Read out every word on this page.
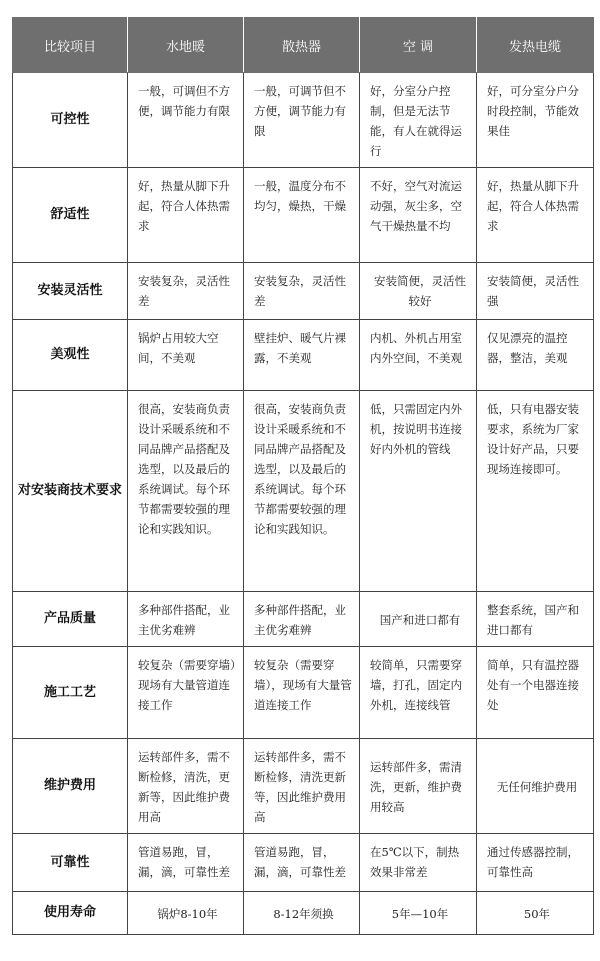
比较项目	水地暖	散热器	空 调	发热电缆
可控性	一般，可调但不方便，调节能力有限	一般，可调节但不方便，调节能力有限	好，分室分户控制，但是无法节能，有人在就得运行	好，可分室分户分时段控制，节能效果佳
舒适性	好，热量从脚下升起，符合人体热需求	一般，温度分布不均匀，燥热，干燥	不好，空气对流运动强，灰尘多，空气干燥热量不均	好，热量从脚下升起，符合人体热需求
安装灵活性	安装复杂，灵活性差	安装复杂，灵活性差	安装简便，灵活性较好	安装简便，灵活性强
美观性	锅炉占用较大空间，不美观	壁挂炉、暖气片裸露，不美观	内机、外机占用室内外空间，不美观	仅见漂亮的温控器，整洁，美观
对安装商技术要求	很高，安装商负责设计采暖系统和不同品牌产品搭配及选型，以及最后的系统调试。每个环节都需要较强的理论和实践知识。	很高，安装商负责设计采暖系统和不同品牌产品搭配及选型，以及最后的系统调试。每个环节都需要较强的理论和实践知识。	低，只需固定内外机，按说明书连接好内外机的管线	低，只有电器安装要求，系统为厂家设计好产品，只要现场连接即可。
产品质量	多种部件搭配，业主优劣难辨	多种部件搭配，业主优劣难辨	国产和进口都有	整套系统，国产和进口都有
施工工艺	较复杂（需要穿墙）现场有大量管道连接工作	较复杂（需要穿墙），现场有大量管道连接工作	较简单，只需要穿墙，打孔，固定内外机，连接线管	简单，只有温控器处有一个电器连接处
维护费用	运转部件多，需不断检修，清洗，更新等，因此维护费用高	运转部件多，需不断检修，清洗更新等，因此维护费用高	运转部件多，需清洗，更新，维护费用较高	无任何维护费用
可靠性	管道易跑，冒，漏，滴，可靠性差	管道易跑，冒，漏，滴，可靠性差	在5℃以下，制热效果非常差	通过传感器控制，可靠性高
使用寿命	锅炉8-10年	8-12年须换	5年—10年	50年
